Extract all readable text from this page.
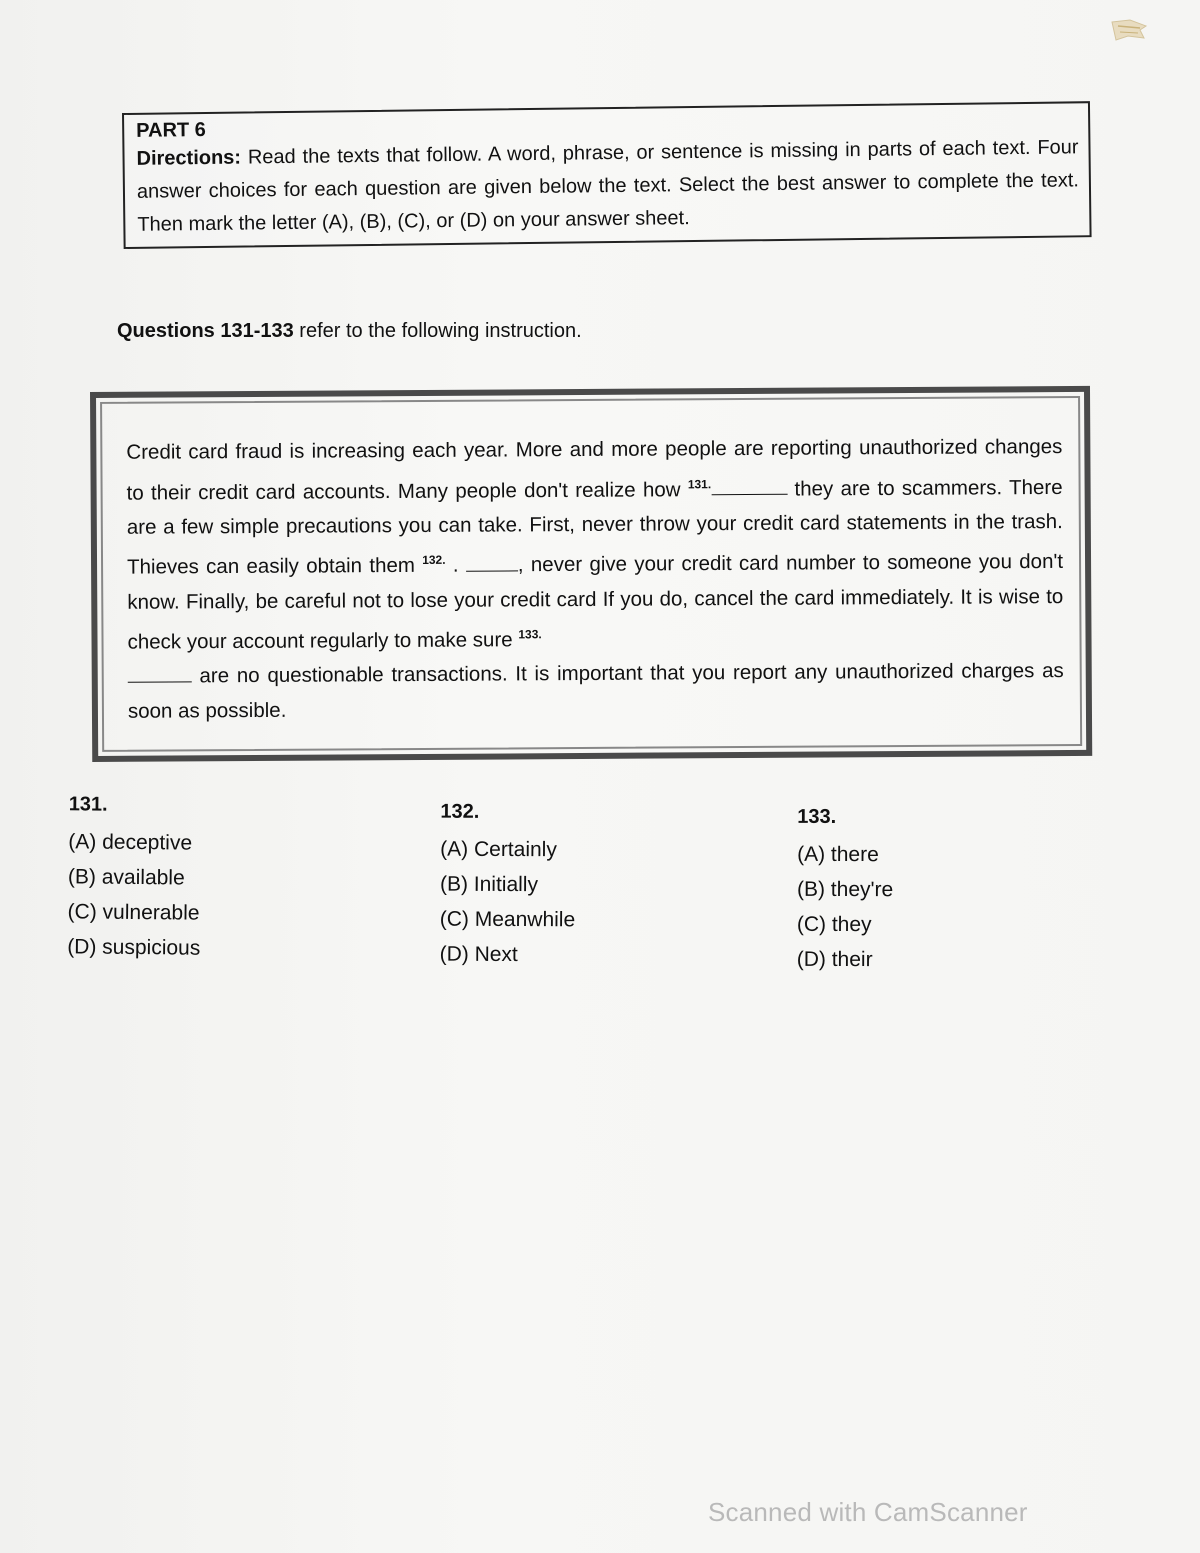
PART 6

Directions: Read the texts that follow. A word, phrase, or sentence is missing in parts of each text. Four answer choices for each question are given below the text. Select the best answer to complete the text. Then mark the letter (A), (B), (C), or (D) on your answer sheet.

Questions 131-133 refer to the following instruction.

Credit card fraud is increasing each year. More and more people are reporting unauthorized changes to their credit card accounts. Many people don't realize how $^{131.}$	they are to scammers. There are a few simple precautions you can take. First, never throw your credit card statements in the trash. Thieves can easily obtain them $^{132.}$ .	, never give your credit card number to someone you don't know. Finally, be careful not to lose your credit card If you do, cancel the card immediately. It is wise to check your account regularly to make sure $^{133.}$
are no questionable transactions. It is important that you report any unauthorized charges as soon as possible.

131.
(A) deceptive
(B) available
(C) vulnerable
(D) suspicious
132.
(A) Certainly
(B) Initially
(C) Meanwhile
(D) Next
133.
(A) there
(B) they're
(C) they
(D) their
Scanned with CamScanner
